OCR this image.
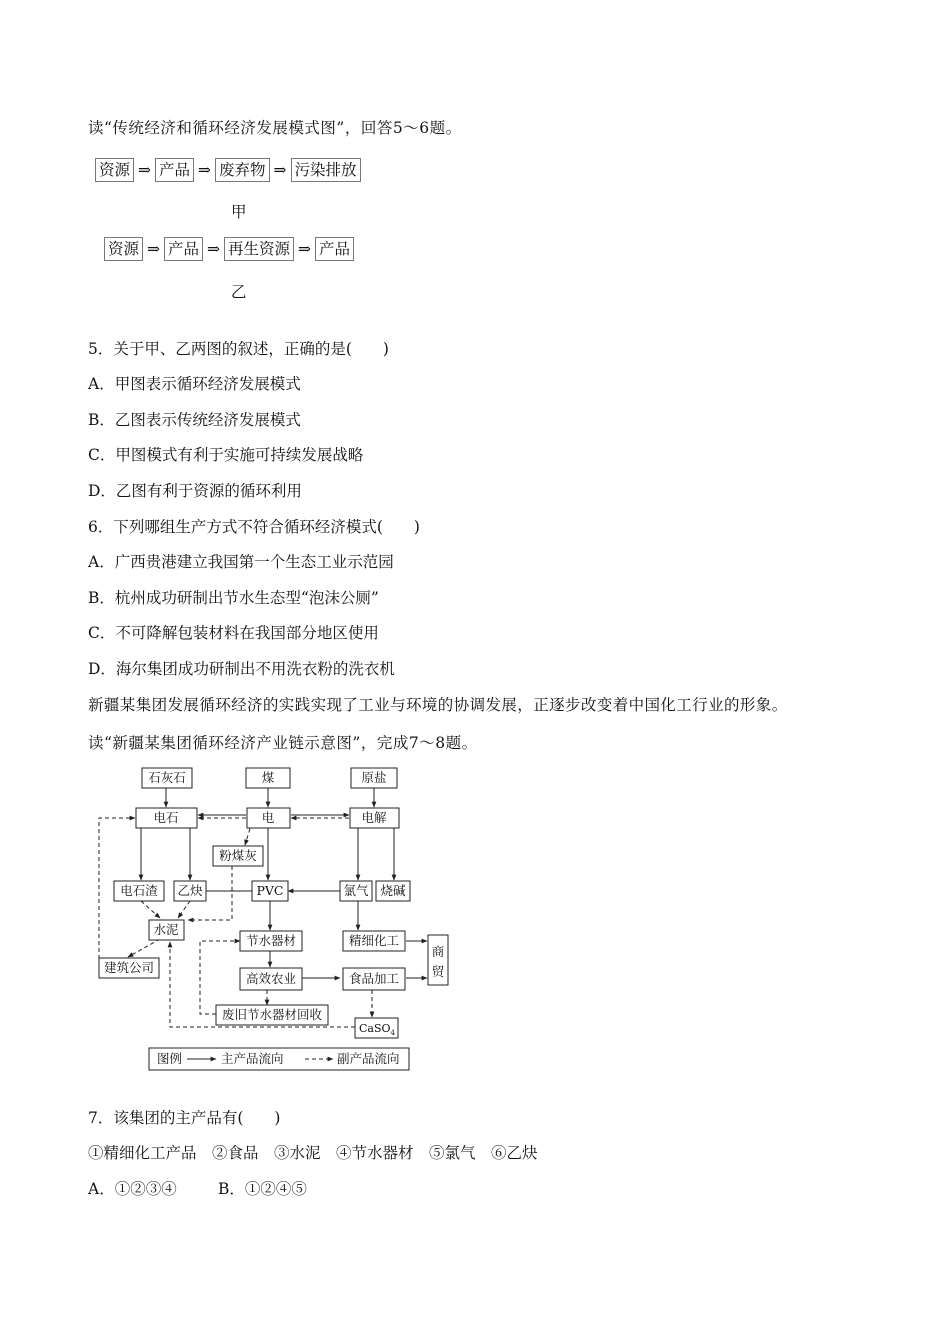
读“传统经济和循环经济发展模式图”，回答5～6题。
资源 ⇒ 产品 ⇒ 废弃物 ⇒ 污染排放
甲
资源 ⇒ 产品 ⇒ 再生资源 ⇒ 产品
乙
5．关于甲、乙两图的叙述，正确的是(　　)
A．甲图表示循环经济发展模式
B．乙图表示传统经济发展模式
C．甲图模式有利于实施可持续发展战略
D．乙图有利于资源的循环利用
6．下列哪组生产方式不符合循环经济模式(　　)
A．广西贵港建立我国第一个生态工业示范园
B．杭州成功研制出节水生态型“泡沫公厕”
C．不可降解包装材料在我国部分地区使用
D．海尔集团成功研制出不用洗衣粉的洗衣机
新疆某集团发展循环经济的实践实现了工业与环境的协调发展，正逐步改变着中国化工行业的形象。
读“新疆某集团循环经济产业链示意图”，完成7～8题。
石灰石	煤	原盐
电石	电	电解
粉煤灰
电石渣 乙炔	PVC	氯气 烧碱
水泥
节水器材	精细化工
商
贸
建筑公司
高效农业	食品加工
废旧节水器材回收
CaSO$_4$
图例	主产品流向	副产品流向
7．该集团的主产品有(　　)
①精细化工产品　②食品　③水泥　④节水器材　⑤氯气　⑥乙炔
A．①②③④	B．①②④⑤
